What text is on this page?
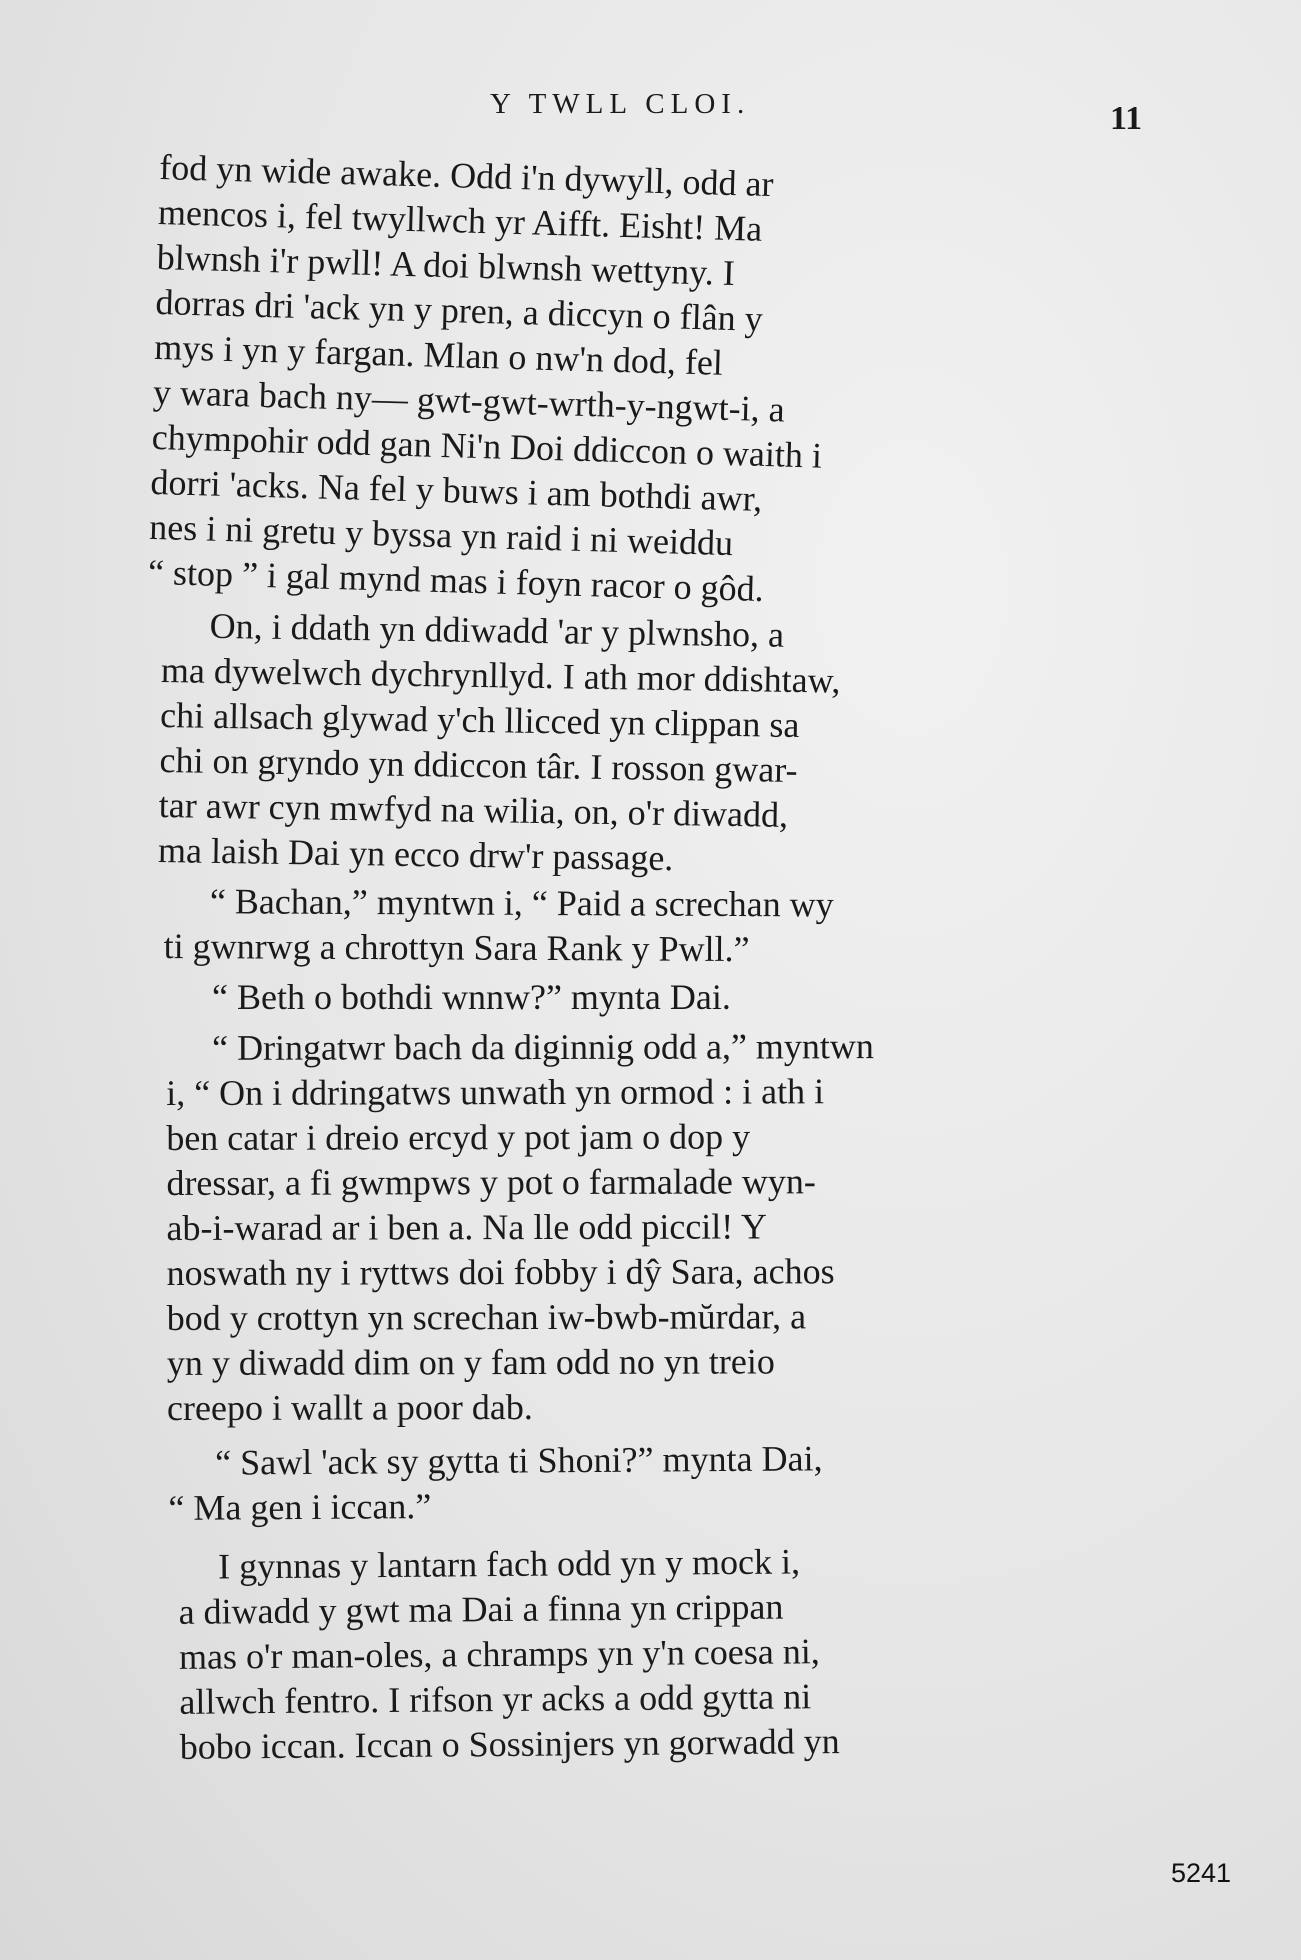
Y TWLL CLOI.	11
fod yn wide awake. Odd i'n dywyll, odd ar
mencos i, fel twyllwch yr Aifft. Eisht! Ma
blwnsh i'r pwll! A doi blwnsh wettyny. I
dorras dri 'ack yn y pren, a diccyn o flân y
mys i yn y fargan. Mlan o nw'n dod, fel
y wara bach ny— gwt-gwt-wrth-y-ngwt-i, a
chympohir odd gan Ni'n Doi ddiccon o waith i
dorri 'acks. Na fel y buws i am bothdi awr,
nes i ni gretu y byssa yn raid i ni weiddu
“ stop ” i gal mynd mas i foyn racor o gôd.
On, i ddath yn ddiwadd 'ar y plwnsho, a
ma dywelwch dychrynllyd. I ath mor ddishtaw,
chi allsach glywad y'ch llicced yn clippan sa
chi on gryndo yn ddiccon târ. I rosson gwar-
tar awr cyn mwfyd na wilia, on, o'r diwadd,
ma laish Dai yn ecco drw'r passage.
“ Bachan,” myntwn i, “ Paid a screchan wy
ti gwnrwg a chrottyn Sara Rank y Pwll.”
“ Beth o bothdi wnnw?” mynta Dai.
“ Dringatwr bach da diginnig odd a,” myntwn
i, “ On i ddringatws unwath yn ormod : i ath i
ben catar i dreio ercyd y pot jam o dop y
dressar, a fi gwmpws y pot o farmalade wyn-
ab-i-warad ar i ben a. Na lle odd piccil! Y
noswath ny i ryttws doi fobby i dŷ Sara, achos
bod y crottyn yn screchan iw-bwb-mŭrdar, a
yn y diwadd dim on y fam odd no yn treio
creepo i wallt a poor dab.
“ Sawl 'ack sy gytta ti Shoni?” mynta Dai,
“ Ma gen i iccan.”
I gynnas y lantarn fach odd yn y mock i,
a diwadd y gwt ma Dai a finna yn crippan
mas o'r man-oles, a chramps yn y'n coesa ni,
allwch fentro. I rifson yr acks a odd gytta ni
bobo iccan. Iccan o Sossinjers yn gorwadd yn
5241
